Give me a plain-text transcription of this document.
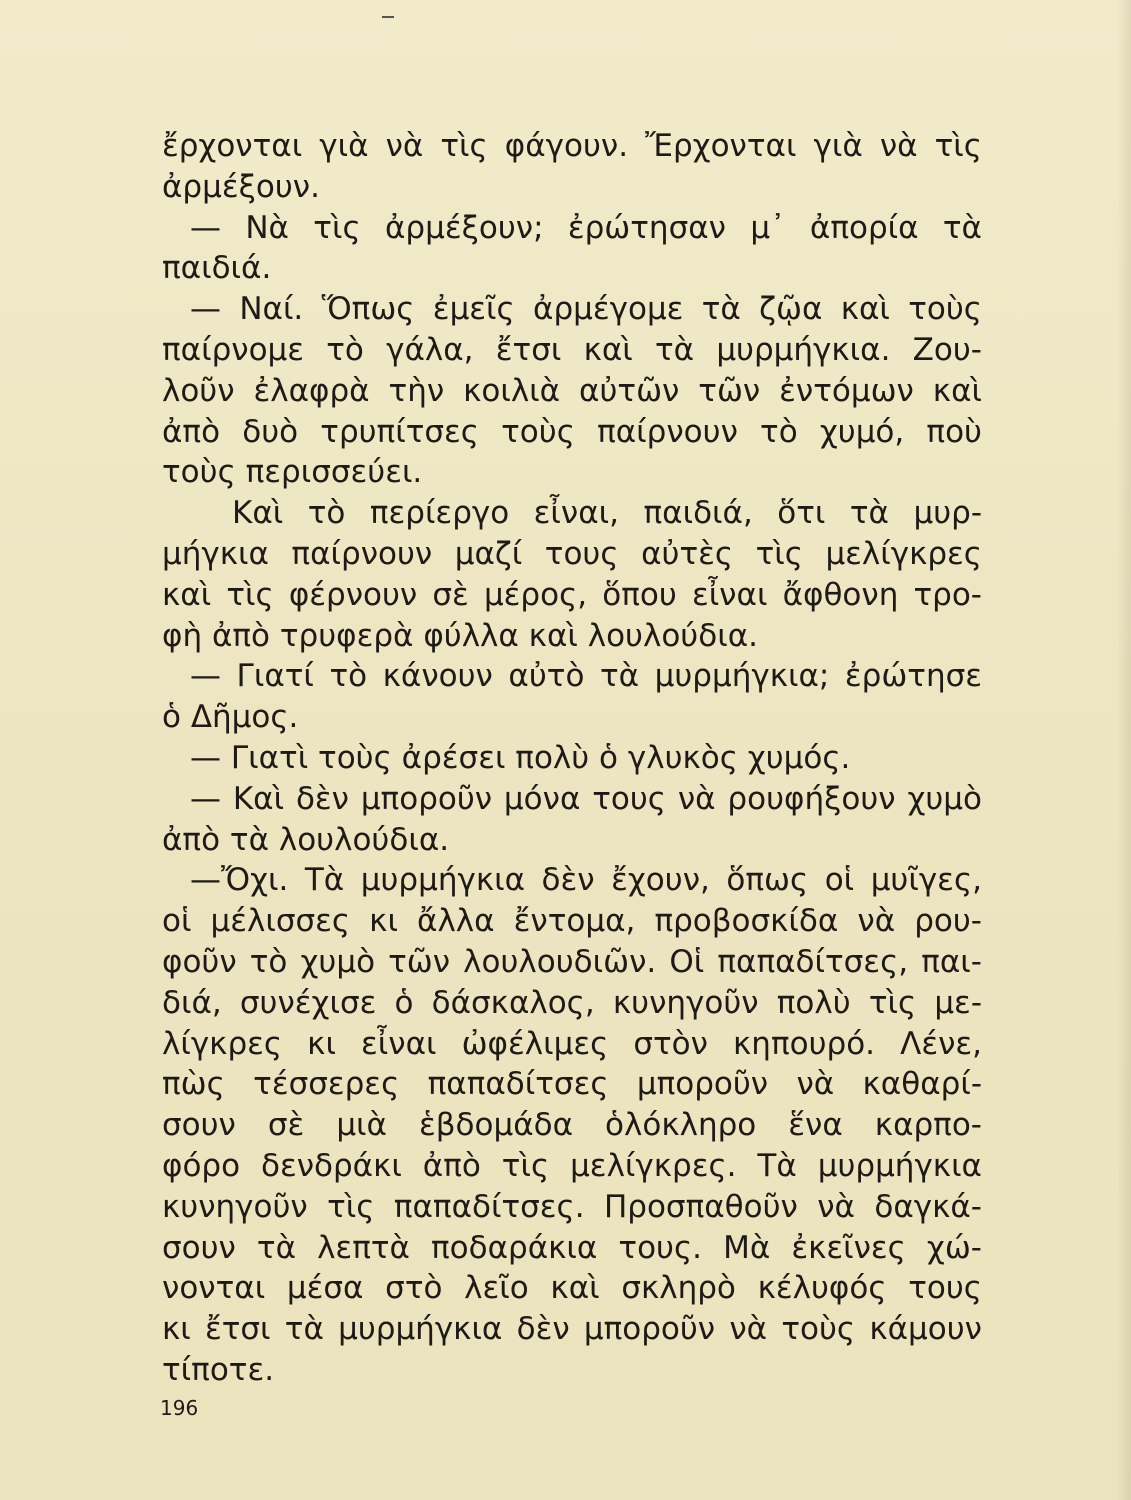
ἔρχονται γιὰ νὰ τὶς φάγουν. Ἔρχονται γιὰ νὰ τὶς
ἀρμέξουν.
— Νὰ τὶς ἀρμέξουν; ἐρώτησαν μ᾽ ἀπορία τὰ
παιδιά.
— Ναί. Ὅπως ἐμεῖς ἀρμέγομε τὰ ζῷα καὶ τοὺς
παίρνομε τὸ γάλα, ἔτσι καὶ τὰ μυρμήγκια. Ζου-
λοῦν ἐλαφρὰ τὴν κοιλιὰ αὐτῶν τῶν ἐντόμων καὶ
ἀπὸ δυὸ τρυπίτσες τοὺς παίρνουν τὸ χυμό, ποὺ
τοὺς περισσεύει.
Καὶ τὸ περίεργο εἶναι, παιδιά, ὅτι τὰ μυρ-
μήγκια παίρνουν μαζί τους αὐτὲς τὶς μελίγκρες
καὶ τὶς φέρνουν σὲ μέρος, ὅπου εἶναι ἄφθονη τρο-
φὴ ἀπὸ τρυφερὰ φύλλα καὶ λουλούδια.
— Γιατί τὸ κάνουν αὐτὸ τὰ μυρμήγκια; ἐρώτησε
ὁ Δῆμος.
— Γιατὶ τοὺς ἀρέσει πολὺ ὁ γλυκὸς χυμός.
— Καὶ δὲν μποροῦν μόνα τους νὰ ρουφήξουν χυμὸ
ἀπὸ τὰ λουλούδια.
—Ὄχι. Τὰ μυρμήγκια δὲν ἔχουν, ὅπως οἱ μυῖγες,
οἱ μέλισσες κι ἄλλα ἔντομα, προβοσκίδα νὰ ρου-
φοῦν τὸ χυμὸ τῶν λουλουδιῶν. Οἱ παπαδίτσες, παι-
διά, συνέχισε ὁ δάσκαλος, κυνηγοῦν πολὺ τὶς με-
λίγκρες κι εἶναι ὠφέλιμες στὸν κηπουρό. Λένε,
πὼς τέσσερες παπαδίτσες μποροῦν νὰ καθαρί-
σουν σὲ μιὰ ἑβδομάδα ὁλόκληρο ἕνα καρπο-
φόρο δενδράκι ἀπὸ τὶς μελίγκρες. Τὰ μυρμήγκια
κυνηγοῦν τὶς παπαδίτσες. Προσπαθοῦν νὰ δαγκά-
σουν τὰ λεπτὰ ποδαράκια τους. Μὰ ἐκεῖνες χώ-
νονται μέσα στὸ λεῖο καὶ σκληρὸ κέλυφός τους
κι ἔτσι τὰ μυρμήγκια δὲν μποροῦν νὰ τοὺς κάμουν
τίποτε.
196
